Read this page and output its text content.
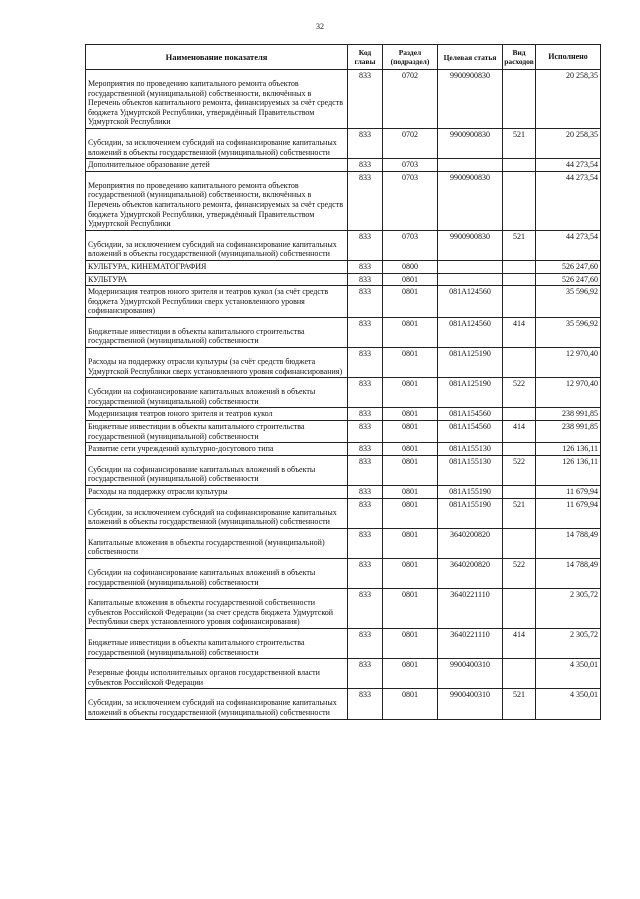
32
Наименование показателя	Код главы	Раздел (подраздел)	Целевая статья	Вид расходов	Исполнено
Мероприятия по проведению капитального ремонта объектов государственной (муниципальной) собственности, включённых в Перечень объектов капитального ремонта, финансируемых за счёт средств бюджета Удмуртской Республики, утверждённый Правительством Удмуртской Республики	833	0702	9900900830		20 258,35
Субсидии, за исключением субсидий на софинансирование капитальных вложений в объекты государственной (муниципальной) собственности	833	0702	9900900830	521	20 258,35
Дополнительное образование детей	833	0703			44 273,54
Мероприятия по проведению капитального ремонта объектов государственной (муниципальной) собственности, включённых в Перечень объектов капитального ремонта, финансируемых за счёт средств бюджета Удмуртской Республики, утверждённый Правительством Удмуртской Республики	833	0703	9900900830		44 273,54
Субсидии, за исключением субсидий на софинансирование капитальных вложений в объекты государственной (муниципальной) собственности	833	0703	9900900830	521	44 273,54
КУЛЬТУРА, КИНЕМАТОГРАФИЯ	833	0800			526 247,60
КУЛЬТУРА	833	0801			526 247,60
Модернизация театров юного зрителя и театров кукол (за счёт средств бюджета Удмуртской Республики сверх установленного уровня софинансирования)	833	0801	081A124560		35 596,92
Бюджетные инвестиции в объекты капитального строительства государственной (муниципальной) собственности	833	0801	081A124560	414	35 596,92
Расходы на поддержку отрасли культуры (за счёт средств бюджета Удмуртской Республики сверх установленного уровня софинансирования)	833	0801	081A125190		12 970,40
Субсидии на софинансирование капитальных вложений в объекты государственной (муниципальной) собственности	833	0801	081A125190	522	12 970,40
Модернизация театров юного зрителя и театров кукол	833	0801	081A154560		238 991,85
Бюджетные инвестиции в объекты капитального строительства государственной (муниципальной) собственности	833	0801	081A154560	414	238 991,85
Развитие сети учреждений культурно-досугового типа	833	0801	081A155130		126 136,11
Субсидии на софинансирование капитальных вложений в объекты государственной (муниципальной) собственности	833	0801	081A155130	522	126 136,11
Расходы на поддержку отрасли культуры	833	0801	081A155190		11 679,94
Субсидии, за исключением субсидий на софинансирование капитальных вложений в объекты государственной (муниципальной) собственности	833	0801	081A155190	521	11 679,94
Капитальные вложения в объекты государственной (муниципальной) собственности	833	0801	3640200820		14 788,49
Субсидии на софинансирование капитальных вложений в объекты государственной (муниципальной) собственности	833	0801	3640200820	522	14 788,49
Капитальные вложения в объекты государственной собственности субъектов Российской Федерации (за счет средств бюджета Удмуртской Республики сверх установленного уровня софинансирования)	833	0801	3640221110		2 305,72
Бюджетные инвестиции в объекты капитального строительства государственной (муниципальной) собственности	833	0801	3640221110	414	2 305,72
Резервные фонды исполнительных органов государственной власти субъектов Российской Федерации	833	0801	9900400310		4 350,01
Субсидии, за исключением субсидий на софинансирование капитальных вложений в объекты государственной (муниципальной) собственности	833	0801	9900400310	521	4 350,01
